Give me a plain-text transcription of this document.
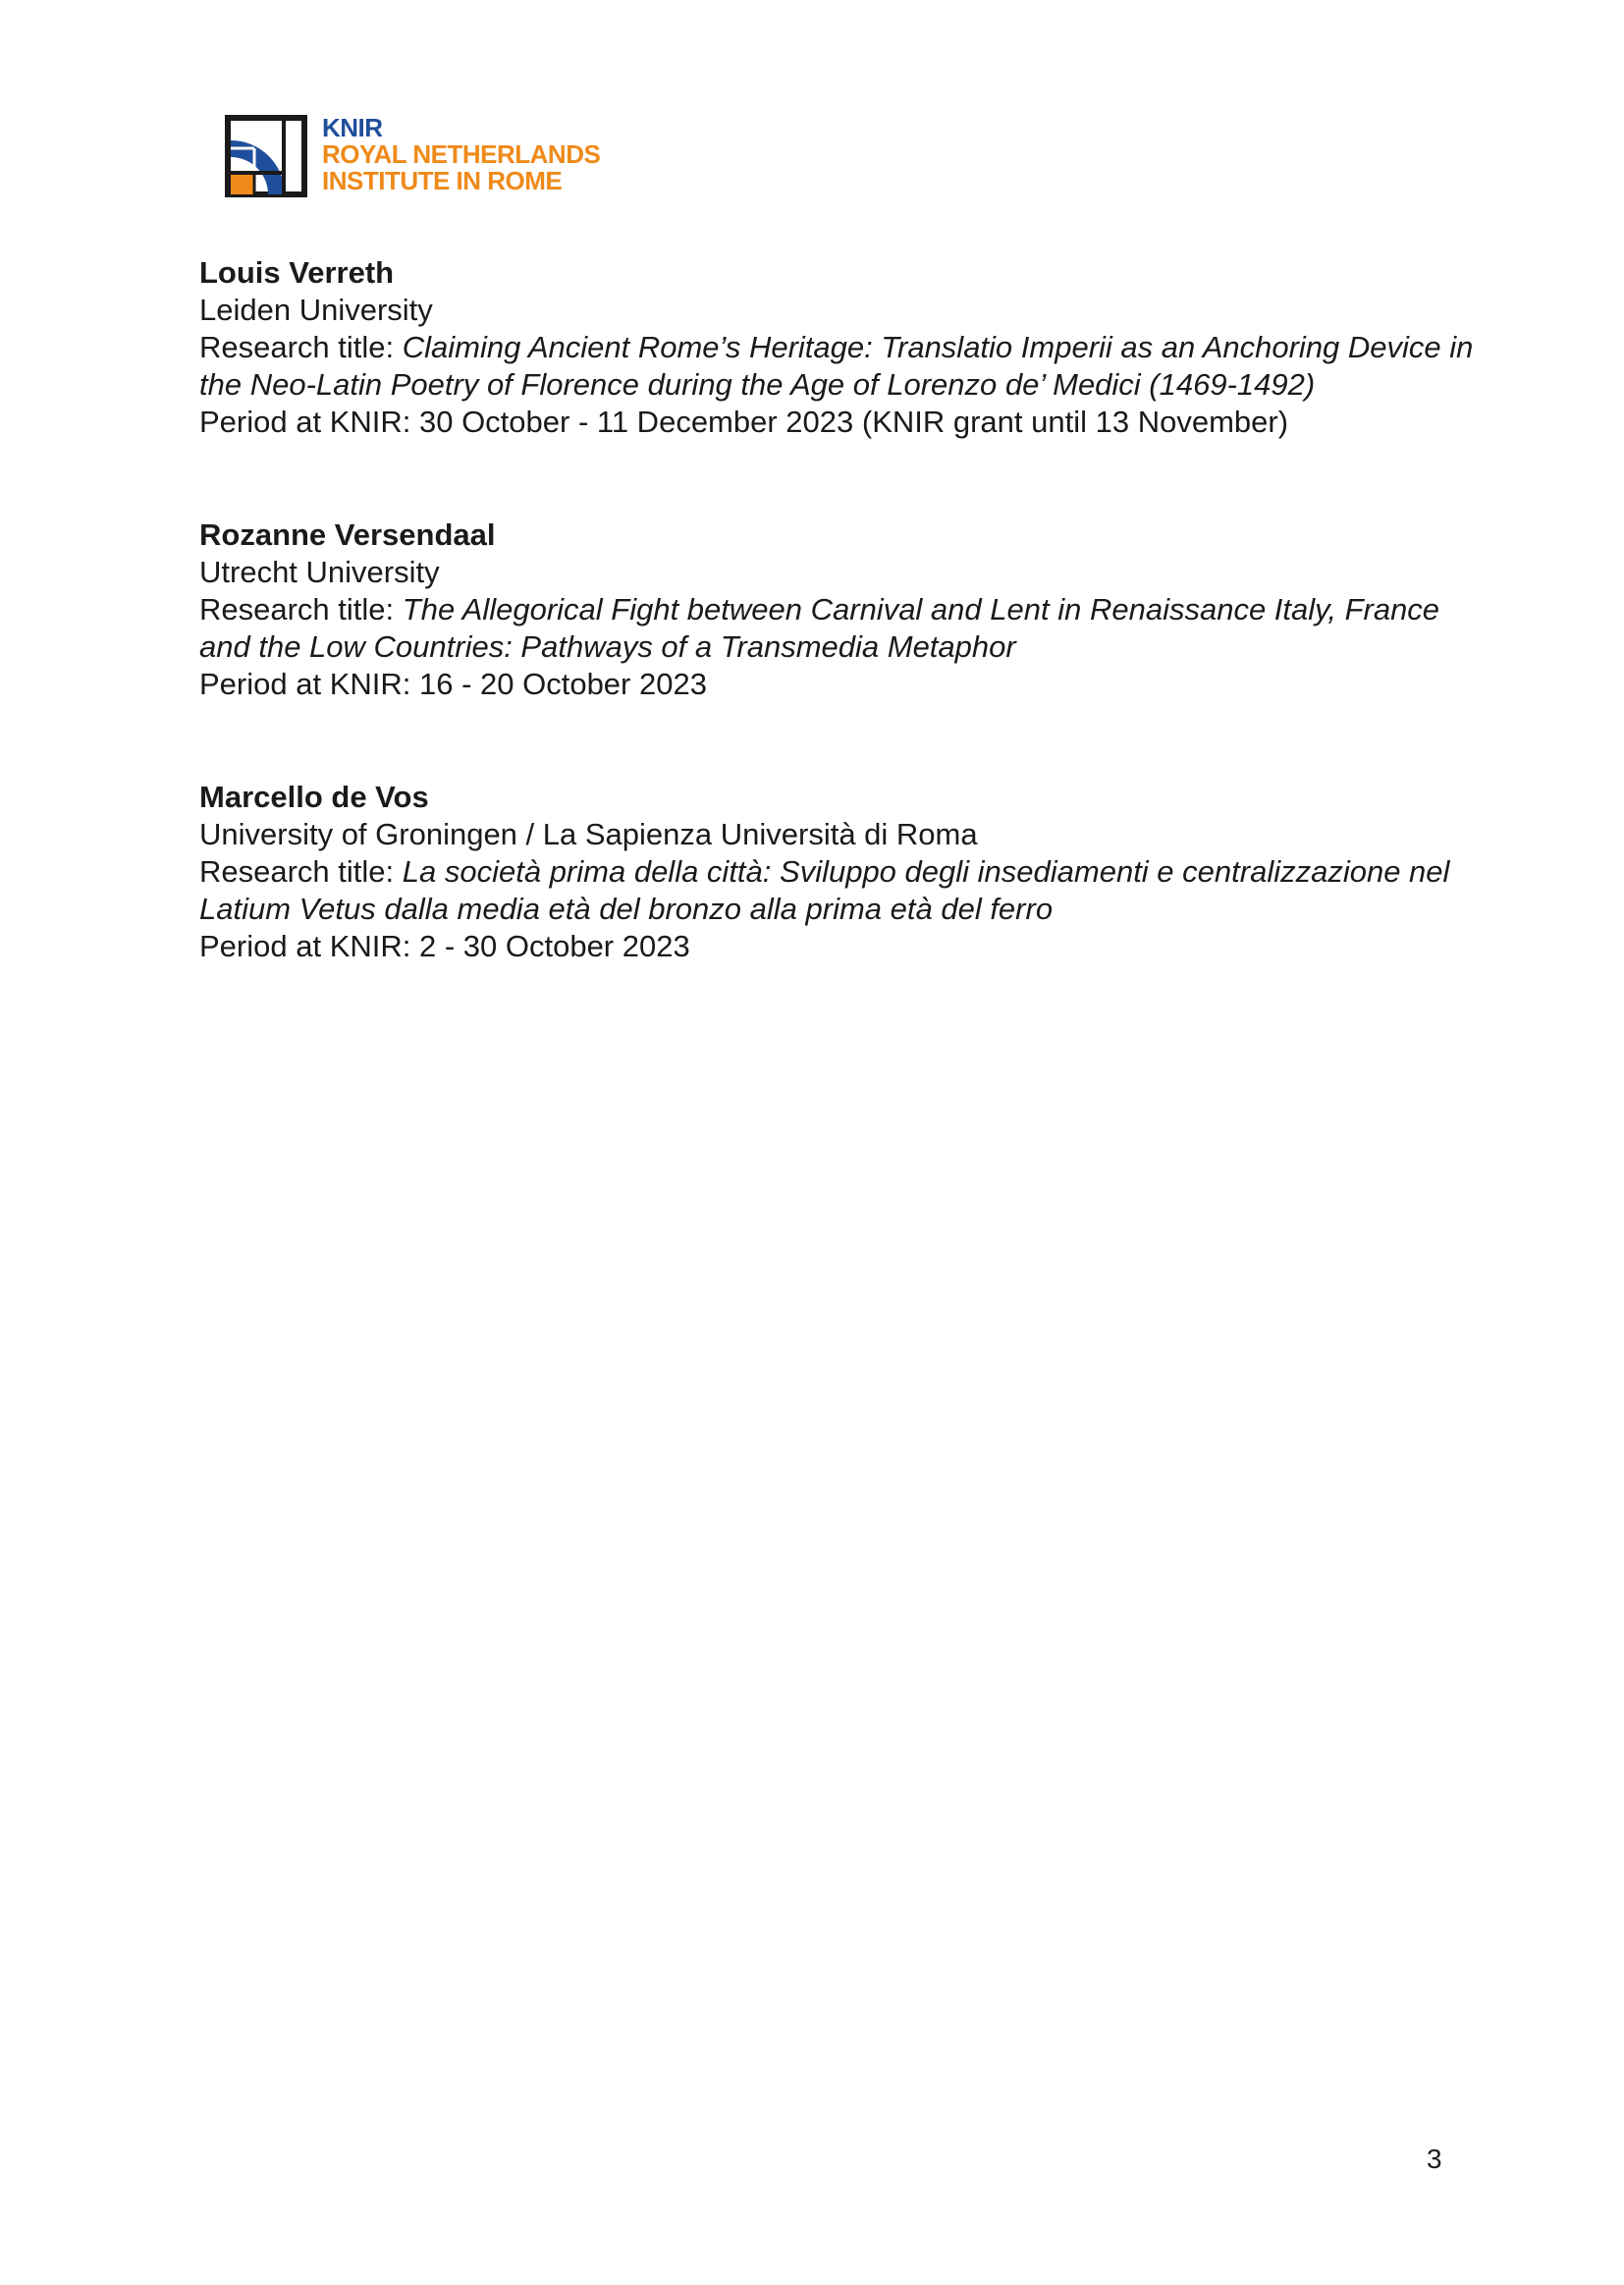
KNIR
ROYAL NETHERLANDS
INSTITUTE IN ROME
Louis Verreth
Leiden University
Research title: Claiming Ancient Rome’s Heritage: Translatio Imperii as an Anchoring Device in the Neo-Latin Poetry of Florence during the Age of Lorenzo de’ Medici (1469-1492)
Period at KNIR: 30 October - 11 December 2023 (KNIR grant until 13 November)
Rozanne Versendaal
Utrecht University
Research title: The Allegorical Fight between Carnival and Lent in Renaissance Italy, France and the Low Countries: Pathways of a Transmedia Metaphor
Period at KNIR: 16 - 20 October 2023
Marcello de Vos
University of Groningen / La Sapienza Università di Roma
Research title: La società prima della città: Sviluppo degli insediamenti e centralizzazione nel Latium Vetus dalla media età del bronzo alla prima età del ferro
Period at KNIR: 2 - 30 October 2023
3
